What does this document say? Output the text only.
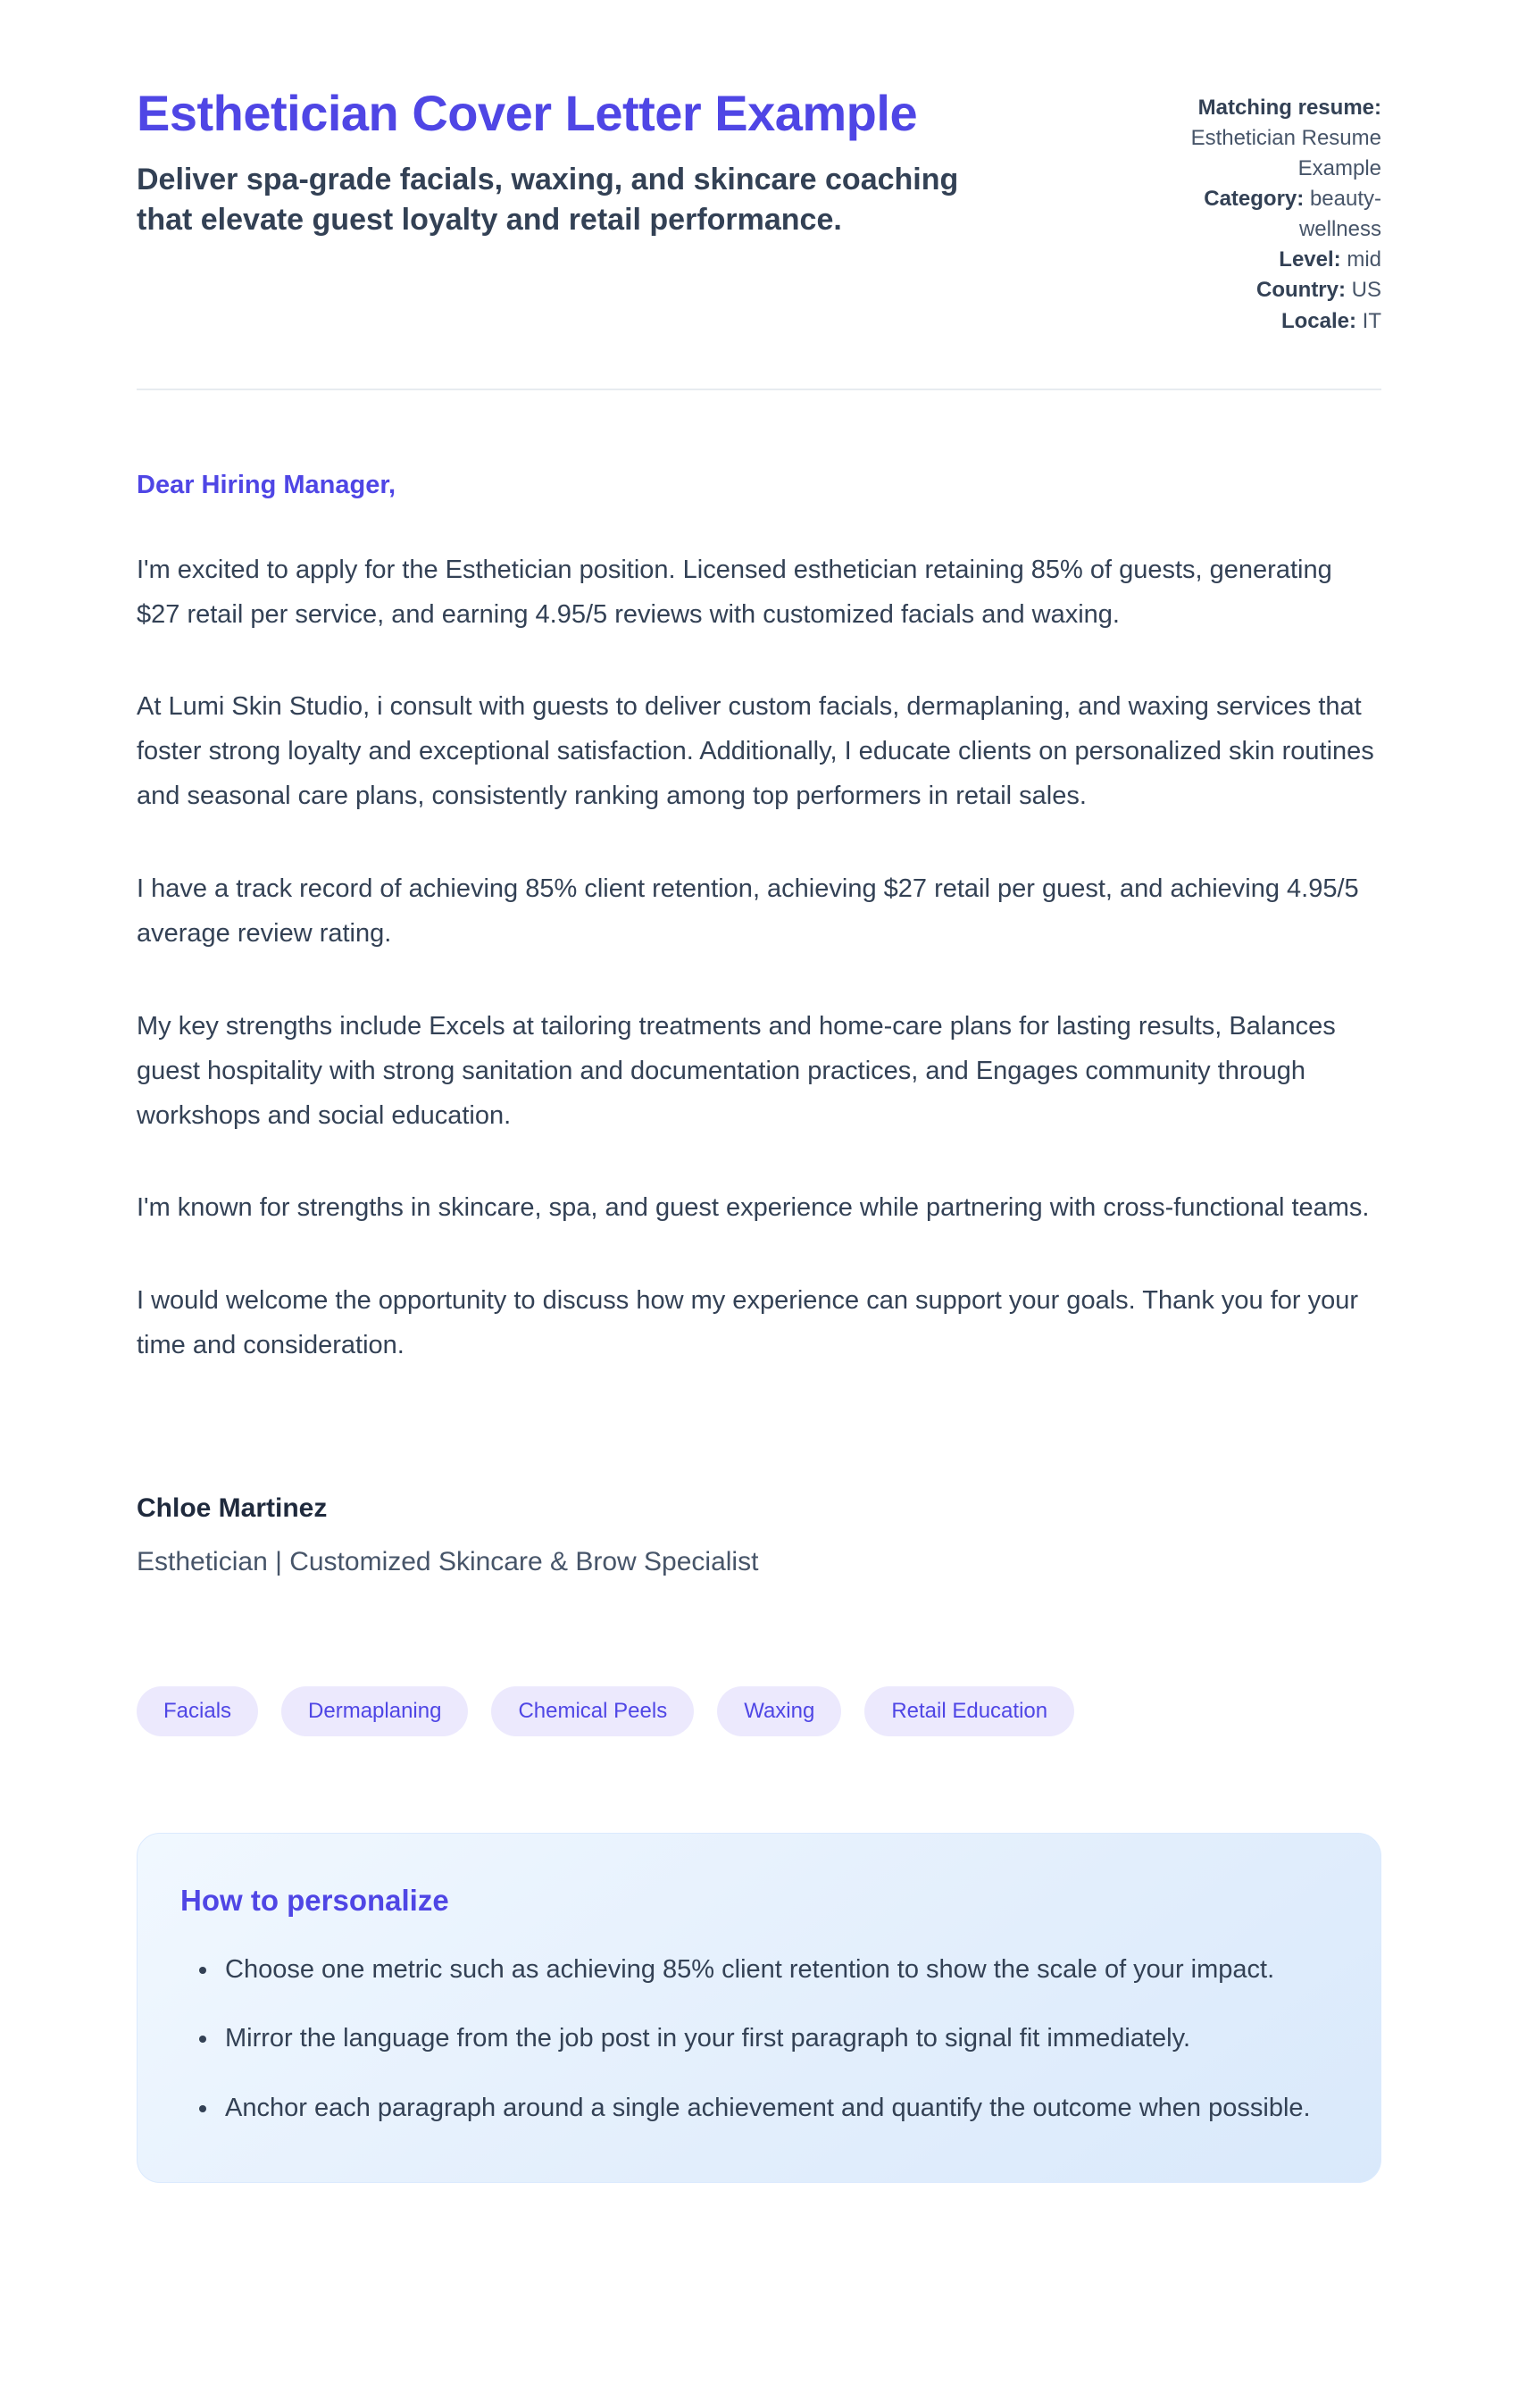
Esthetician Cover Letter Example

Deliver spa-grade facials, waxing, and skincare coaching that elevate guest loyalty and retail performance.

Matching resume: Esthetician Resume Example
Category: beauty-wellness
Level: mid
Country: US
Locale: IT

Dear Hiring Manager,

I'm excited to apply for the Esthetician position. Licensed esthetician retaining 85% of guests, generating $27 retail per service, and earning 4.95/5 reviews with customized facials and waxing.

At Lumi Skin Studio, i consult with guests to deliver custom facials, dermaplaning, and waxing services that foster strong loyalty and exceptional satisfaction. Additionally, I educate clients on personalized skin routines and seasonal care plans, consistently ranking among top performers in retail sales.

I have a track record of achieving 85% client retention, achieving $27 retail per guest, and achieving 4.95/5 average review rating.

My key strengths include Excels at tailoring treatments and home-care plans for lasting results, Balances guest hospitality with strong sanitation and documentation practices, and Engages community through workshops and social education.

I'm known for strengths in skincare, spa, and guest experience while partnering with cross-functional teams.

I would welcome the opportunity to discuss how my experience can support your goals. Thank you for your time and consideration.

Chloe Martinez

Esthetician | Customized Skincare & Brow Specialist

Facials	Dermaplaning	Chemical Peels	Waxing	Retail Education
How to personalize
• Choose one metric such as achieving 85% client retention to show the scale of your impact.
• Mirror the language from the job post in your first paragraph to signal fit immediately.
• Anchor each paragraph around a single achievement and quantify the outcome when possible.
